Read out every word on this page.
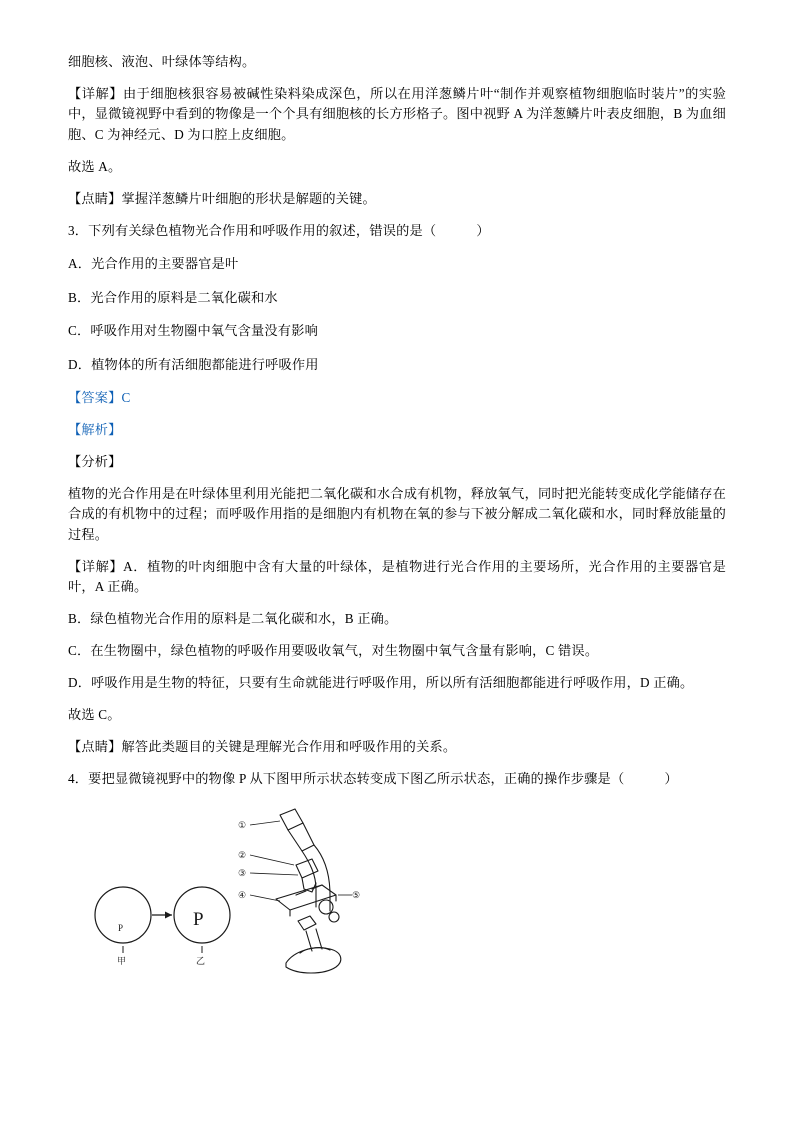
细胞核、液泡、叶绿体等结构。

【详解】由于细胞核狠容易被碱性染料染成深色，所以在用洋葱鳞片叶“制作并观察植物细胞临时装片”的实验中，显微镜视野中看到的物像是一个个具有细胞核的长方形格子。图中视野 A 为洋葱鳞片叶表皮细胞，B 为血细胞、C 为神经元、D 为口腔上皮细胞。

故选 A。

【点睛】掌握洋葱鳞片叶细胞的形状是解题的关键。

3．下列有关绿色植物光合作用和呼吸作用的叙述，错误的是（　　　）

A．光合作用的主要器官是叶

B．光合作用的原料是二氧化碳和水

C．呼吸作用对生物圈中氧气含量没有影响

D．植物体的所有活细胞都能进行呼吸作用

【答案】C

【解析】

【分析】

植物的光合作用是在叶绿体里利用光能把二氧化碳和水合成有机物，释放氧气，同时把光能转变成化学能储存在合成的有机物中的过程；而呼吸作用指的是细胞内有机物在氧的参与下被分解成二氧化碳和水，同时释放能量的过程。

【详解】A．植物的叶肉细胞中含有大量的叶绿体，是植物进行光合作用的主要场所，光合作用的主要器官是叶，A 正确。

B．绿色植物光合作用的原料是二氧化碳和水，B 正确。

C．在生物圈中，绿色植物的呼吸作用要吸收氧气，对生物圈中氧气含量有影响，C 错误。

D．呼吸作用是生物的特征，只要有生命就能进行呼吸作用，所以所有活细胞都能进行呼吸作用，D 正确。

故选 C。

【点睛】解答此类题目的关键是理解光合作用和呼吸作用的关系。

4．要把显微镜视野中的物像 P 从下图甲所示状态转变成下图乙所示状态，正确的操作步骤是（　　　）

P	P
甲	乙
①
②
③
④	⑤
